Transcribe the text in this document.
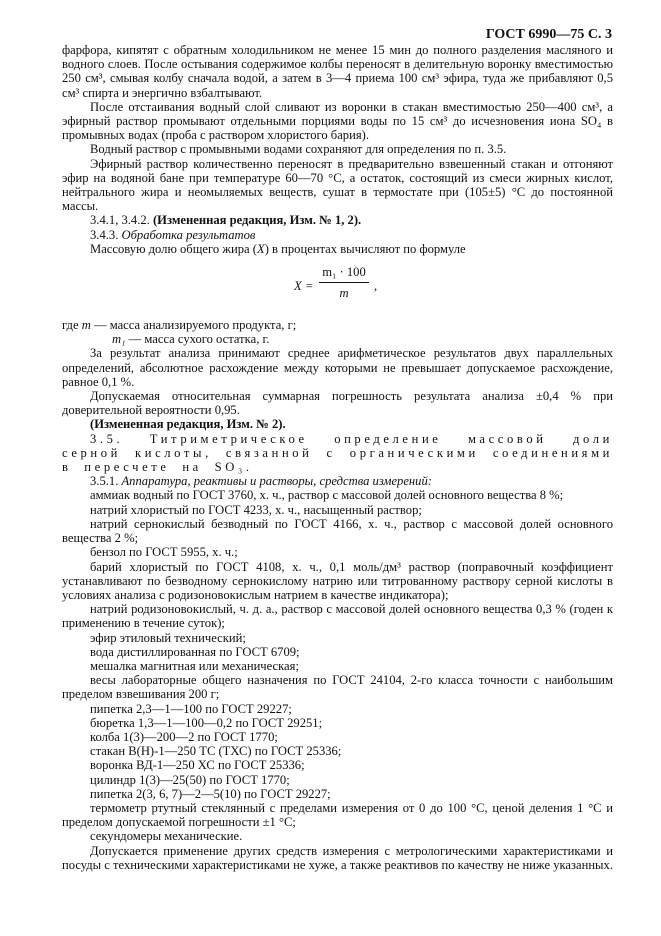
ГОСТ 6990—75 С. 3

фарфора, кипятят с обратным холодильником не менее 15 мин до полного разделения масляного и водного слоев. После остывания содержимое колбы переносят в делительную воронку вместимостью 250 см³, смывая колбу сначала водой, а затем в 3—4 приема 100 см³ эфира, туда же прибавляют 0,5 см³ спирта и энергично взбалтывают.

После отстаивания водный слой сливают из воронки в стакан вместимостью 250—400 см³, а эфирный раствор промывают отдельными порциями воды по 15 см³ до исчезновения иона SO₄ в промывных водах (проба с раствором хлористого бария).

Водный раствор с промывными водами сохраняют для определения по п. 3.5.

Эфирный раствор количественно переносят в предварительно взвешенный стакан и отгоняют эфир на водяной бане при температуре 60—70 °С, а остаток, состоящий из смеси жирных кислот, нейтрального жира и неомыляемых веществ, сушат в термостате при (105±5) °С до постоянной массы.

3.4.1, 3.4.2. (Измененная редакция, Изм. № 1, 2).

3.4.3. Обработка результатов

Массовую долю общего жира (X) в процентах вычисляют по формуле

$X = \frac{\text{m₁ · 100}}{m}$ ,

где m — масса анализируемого продукта, г;

m₁ — масса сухого остатка, г.

За результат анализа принимают среднее арифметическое результатов двух параллельных определений, абсолютное расхождение между которыми не превышает допускаемое расхождение, равное 0,1 %.

Допускаемая относительная суммарная погрешность результата анализа ±0,4 % при доверительной вероятности 0,95.

(Измененная редакция, Изм. № 2).

3.5. Титриметрическое определение массовой доли серной кислоты, связанной с органическими соединениями в пересчете на SO₃.

3.5.1. Аппаратура, реактивы и растворы, средства измерений:

аммиак водный по ГОСТ 3760, х. ч., раствор с массовой долей основного вещества 8 %;

натрий хлористый по ГОСТ 4233, х. ч., насыщенный раствор;

натрий сернокислый безводный по ГОСТ 4166, х. ч., раствор с массовой долей основного вещества 2 %;

бензол по ГОСТ 5955, х. ч.;

барий хлористый по ГОСТ 4108, х. ч., 0,1 моль/дм³ раствор (поправочный коэффициент устанавливают по безводному сернокислому натрию или титрованному раствору серной кислоты в условиях анализа с родизоновокислым натрием в качестве индикатора);

натрий родизоновокислый, ч. д. а., раствор с массовой долей основного вещества 0,3 % (годен к применению в течение суток);

эфир этиловый технический;

вода дистиллированная по ГОСТ 6709;

мешалка магнитная или механическая;

весы лабораторные общего назначения по ГОСТ 24104, 2-го класса точности с наибольшим пределом взвешивания 200 г;

пипетка 2,3—1—100 по ГОСТ 29227;

бюретка 1,3—1—100—0,2 по ГОСТ 29251;

колба 1(3)—200—2 по ГОСТ 1770;

стакан В(Н)-1—250 ТС (ТХС) по ГОСТ 25336;

воронка ВД-1—250 ХС по ГОСТ 25336;

цилиндр 1(3)—25(50) по ГОСТ 1770;

пипетка 2(3, 6, 7)—2—5(10) по ГОСТ 29227;

термометр ртутный стеклянный с пределами измерения от 0 до 100 °С, ценой деления 1 °С и пределом допускаемой погрешности ±1 °С;

секундомеры механические.

Допускается применение других средств измерения с метрологическими характеристиками и посуды с техническими характеристиками не хуже, а также реактивов по качеству не ниже указанных.
